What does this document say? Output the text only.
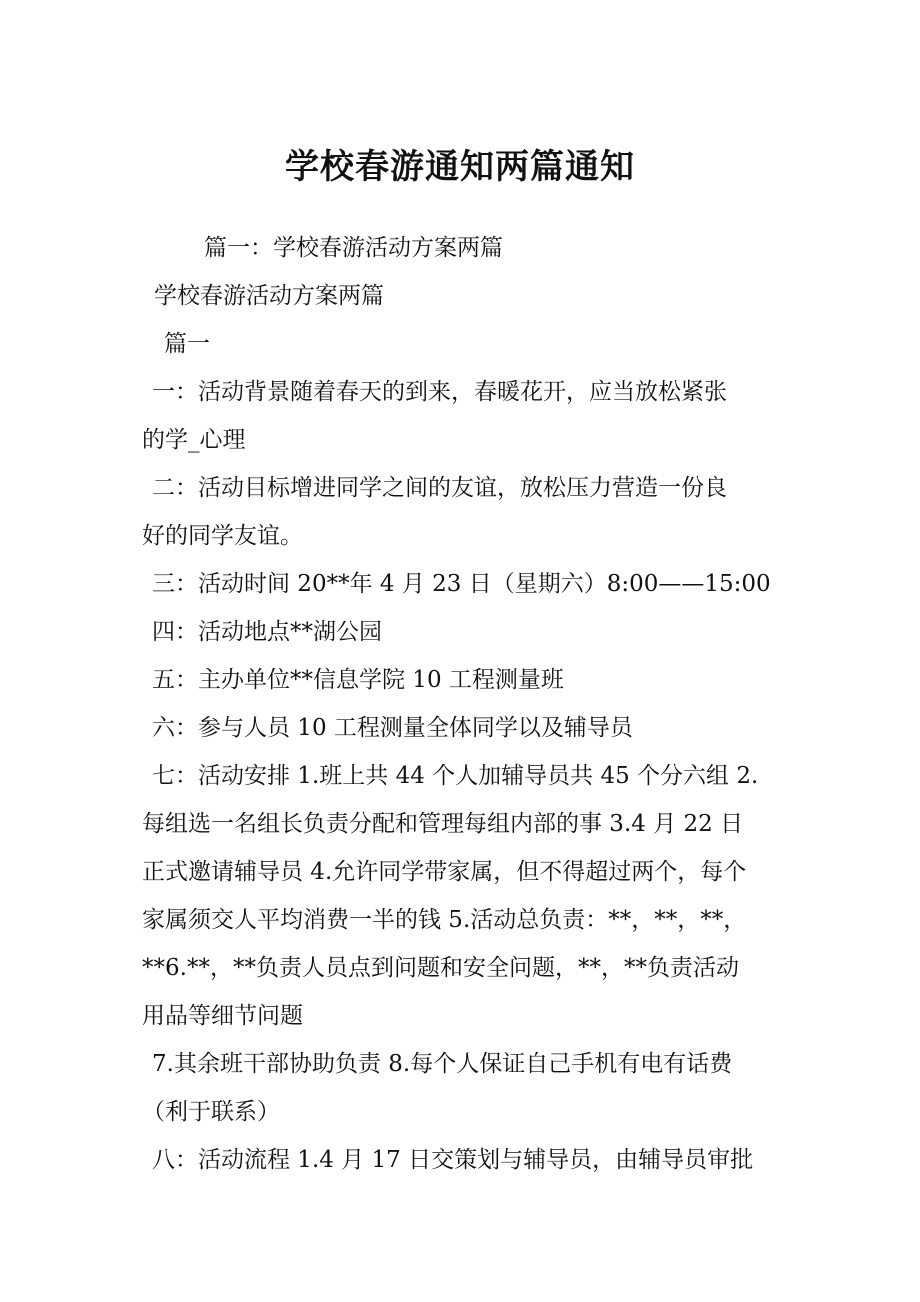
学校春游通知两篇通知

篇一：学校春游活动方案两篇

学校春游活动方案两篇

篇一

一：活动背景随着春天的到来，春暖花开，应当放松紧张

的学_心理

二：活动目标增进同学之间的友谊，放松压力营造一份良

好的同学友谊。

三：活动时间 20**年 4 月 23 日（星期六）8:00——15:00

四：活动地点**湖公园

五：主办单位**信息学院 10 工程测量班

六：参与人员 10 工程测量全体同学以及辅导员

七：活动安排 1.班上共 44 个人加辅导员共 45 个分六组 2.

每组选一名组长负责分配和管理每组内部的事 3.4 月 22 日

正式邀请辅导员 4.允许同学带家属，但不得超过两个，每个

家属须交人平均消费一半的钱 5.活动总负责：**，**，**，

**6.**，**负责人员点到问题和安全问题，**，**负责活动

用品等细节问题

7.其余班干部协助负责 8.每个人保证自己手机有电有话费

（利于联系）

八：活动流程 1.4 月 17 日交策划与辅导员，由辅导员审批
